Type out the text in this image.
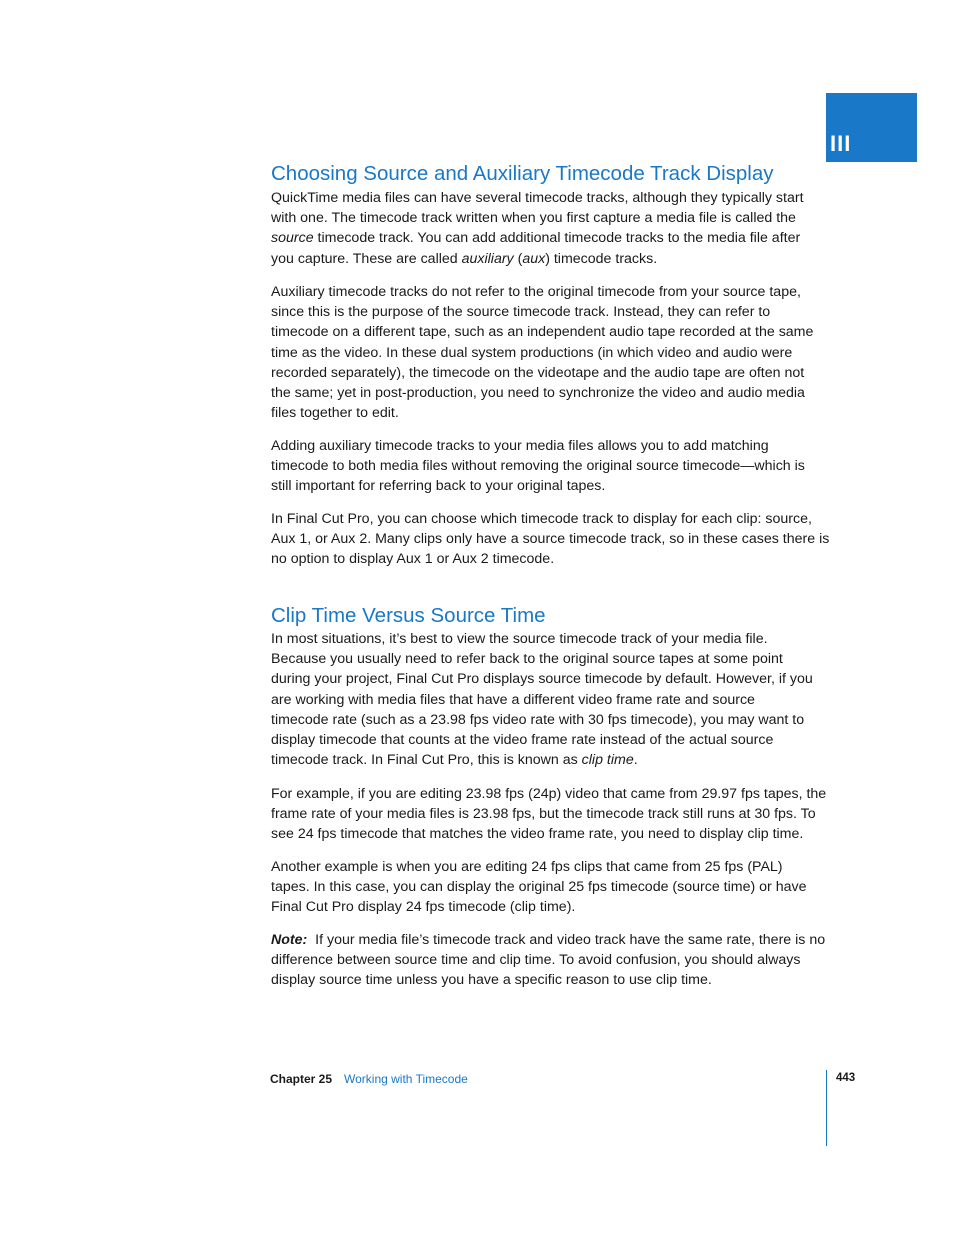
III
Choosing Source and Auxiliary Timecode Track Display
QuickTime media files can have several timecode tracks, although they typically start
with one. The timecode track written when you first capture a media file is called the
source timecode track. You can add additional timecode tracks to the media file after
you capture. These are called auxiliary (aux) timecode tracks.
Auxiliary timecode tracks do not refer to the original timecode from your source tape,
since this is the purpose of the source timecode track. Instead, they can refer to
timecode on a different tape, such as an independent audio tape recorded at the same
time as the video. In these dual system productions (in which video and audio were
recorded separately), the timecode on the videotape and the audio tape are often not
the same; yet in post-production, you need to synchronize the video and audio media
files together to edit.
Adding auxiliary timecode tracks to your media files allows you to add matching
timecode to both media files without removing the original source timecode—which is
still important for referring back to your original tapes.
In Final Cut Pro, you can choose which timecode track to display for each clip: source,
Aux 1, or Aux 2. Many clips only have a source timecode track, so in these cases there is
no option to display Aux 1 or Aux 2 timecode.
Clip Time Versus Source Time
In most situations, it’s best to view the source timecode track of your media file.
Because you usually need to refer back to the original source tapes at some point
during your project, Final Cut Pro displays source timecode by default. However, if you
are working with media files that have a different video frame rate and source
timecode rate (such as a 23.98 fps video rate with 30 fps timecode), you may want to
display timecode that counts at the video frame rate instead of the actual source
timecode track. In Final Cut Pro, this is known as clip time.
For example, if you are editing 23.98 fps (24p) video that came from 29.97 fps tapes, the
frame rate of your media files is 23.98 fps, but the timecode track still runs at 30 fps. To
see 24 fps timecode that matches the video frame rate, you need to display clip time.
Another example is when you are editing 24 fps clips that came from 25 fps (PAL)
tapes. In this case, you can display the original 25 fps timecode (source time) or have
Final Cut Pro display 24 fps timecode (clip time).
Note:  If your media file’s timecode track and video track have the same rate, there is no
difference between source time and clip time. To avoid confusion, you should always
display source time unless you have a specific reason to use clip time.
Chapter 25 Working with Timecode	443
